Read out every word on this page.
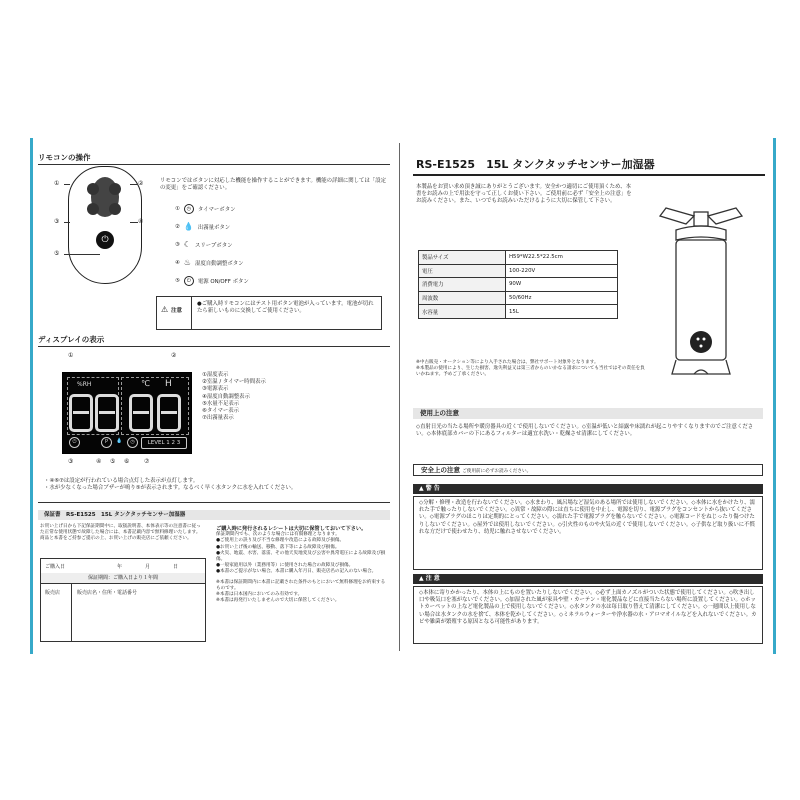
リモコンの操作
⏻
①	②
③	④
⑤
リモコンではボタンに対応した機能を操作することができます。機能の詳細に関しては「設定の変更」をご確認ください。
①	◷	タイマーボタン
② 💧 出霧量ボタン
③ ☾ スリープボタン
④ ♨ 湿度自動調整ボタン
⑤	⏻	電源 ON/OFF ボタン
⚠ 注意
●ご購入時リモコンにはテスト用ボタン電池が入っています。電池が切れたら新しいものに交換してご使用ください。
ディスプレイの表示
①	②
%RH	℃ H
⏻	P	💧	◷	LEVEL 1 2 3
③	④ ⑤ ⑥ ⑦
①湿度表示
②室温 / タイマー時間表示
③電源表示
④湿度自動調整表示
⑤水量不足表示
⑥タイマー表示
⑦出霧量表示
・④⑥⑦は設定が行われている場合点灯した表示が点灯します。
・水が少なくなった場合ブザーが鳴り⑤が表示されます。なるべく早く水タンクに水を入れてください。
保証書　RS-E1525　15L タンクタッチセンサー加湿器
お買い上げ日から下記保証期間中に、取扱説明書、本体表示等の注意書に従った正常な使用状態で故障した場合には、本書記載内容で無料修理いたします。商品と本書をご持参ご提示の上、お買い上げの販売店にご依頼ください。
ご購入日	年	月	日
保証期間：ご購入日より１年間
販売店	販売店名・住所・電話番号
ご購入時に発行されるレシートは大切に保管しておいて下さい。
保証期間内でも、次のような場合には有償修理となります。
●ご使用上の誤り及び不当な修理や改造による故障及び損傷。
●お買い上げ後の輸送、移動、落下等による故障及び損傷。
●火災、地震、水害、落雷、その他天災地変及び公害や異常電圧による故障及び損傷。
●一般家庭用以外（業務用等）に使用された場合の故障及び損傷。
●本書のご提示がない場合。本書に購入年月日、販売店名の記入のない場合。
※本書は保証期間内に本書に記載された条件のもとにおいて無料修理をお約束するものです。
※本書は日本国内においてのみ有効です。
※本書は再発行いたしませんので大切に保管してください。
RS-E1525　15L タンクタッチセンサー加湿器
本製品をお買い求め頂き誠にありがとうございます。安全かつ適切にご使用頂くため、本書をお読みの上で用法を守って正しくお使い下さい。ご使用前に必ず「安全上の注意」をお読みください。また、いつでもお読みいただけるように大切に保管して下さい。
製品サイズ	H59*W22.5*22.5cm
電圧	100-220V
消費電力	90W
周波数	50/60Hz
水容量	15L
※中古販売・オークション等により入手された場合は、弊社サポート対象外となります。
※本製品の使用により、生じた損害、逸失利益又は第三者からのいかなる請求についても当社ではその責任を負いかねます。予めご了承ください。
使用上の注意
◇直射日光の当たる場所や暖房器具の近くで使用しないでください。◇室温が低いと結露や床濡れが起こりやすくなりますのでご注意ください。◇本体底部カバーの下にあるフィルターは適宜水洗い・乾燥させ清潔にしてください。
安全上の注意 ご使用前に必ずお読みください。
▲ 警 告
◇分解・修理・改造を行わないでください。◇水まわり、風呂場など湿気のある場所では使用しないでください。◇本体に水をかけたり、濡れた手で触ったりしないでください。◇異常・故障の際には直ちに使用を中止し、電源を切り、電源プラグをコンセントから抜いてください。◇電源プラグのほこりは定期的にとってください。◇濡れた手で電源プラグを触らないでください。◇電源コードをねじったり傷つけたりしないでください。◇屋外では使用しないでください。◇引火性のものや火気の近くで使用しないでください。◇子供など取り扱いに不慣れな方だけで使わせたり、幼児に触れさせないでください。
▲ 注 意
◇本体に寄りかかったり、本体の上にものを置いたりしないでください。◇必ず上面カノズルがついた状態で使用してください。◇吹き出し口や吸気口を塞がないでください。◇加湿された風が家具や壁・カーテン・電化製品などに直接当たらない場所に設置してください。◇ホットカーペットの上など電化製品の上で使用しないでください。◇水タンクの水は毎日取り替えて清潔にしてください。◇一週間以上使用しない場合は水タンクの水を捨て、本体を乾かしてください。◇ミネラルウォーターや浄水器の水・アロマオイルなどを入れないでください。カビや雑菌が繁殖する原因となる可能性があります。
